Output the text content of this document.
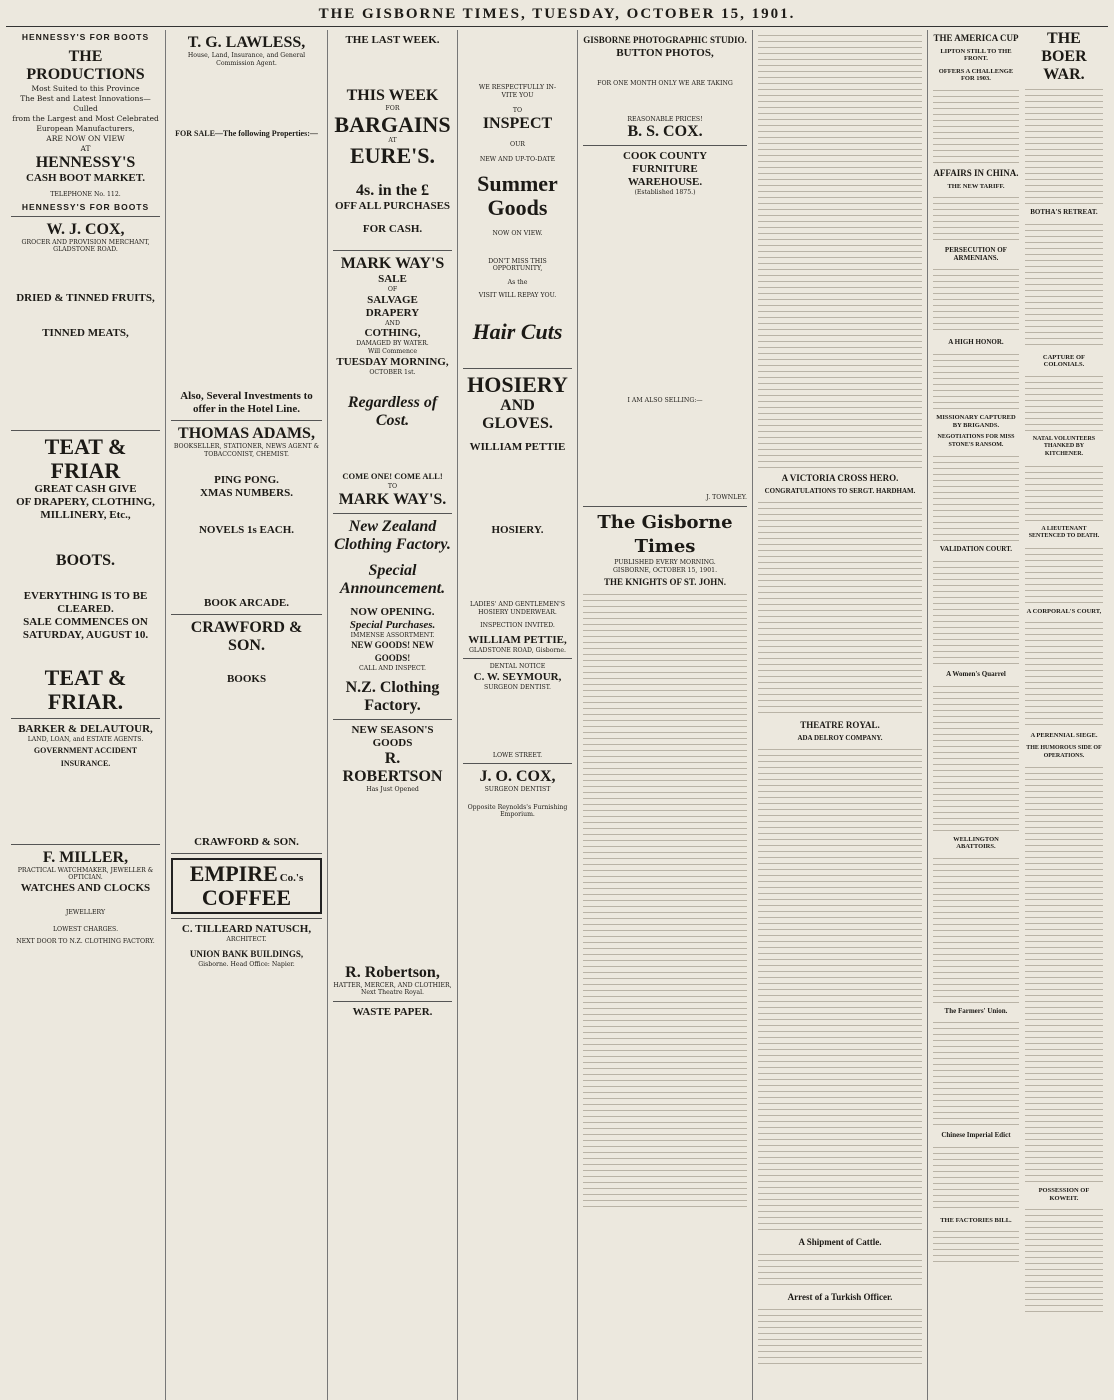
THE GISBORNE TIMES, TUESDAY, OCTOBER 15, 1901.
HENNESSY'S FOR BOOTS
THE PRODUCTIONS
Most Suited to this Province
The Best and Latest Innovations—Culled
from the Largest and Most Celebrated
European Manufacturers,
ARE NOW ON VIEW
AT
HENNESSY'S
CASH BOOT MARKET.
TELEPHONE No. 112.
HENNESSY'S FOR BOOTS
W. J. COX,
GROCER AND PROVISION MERCHANT, GLADSTONE ROAD.
DRIED & TINNED FRUITS,
TINNED MEATS,
TEAT & FRIAR
GREAT CASH GIVE
OF DRAPERY, CLOTHING, MILLINERY, Etc.,
BOOTS.
EVERYTHING IS TO BE CLEARED.
SALE COMMENCES ON SATURDAY, AUGUST 10.
TEAT & FRIAR.
BARKER & DELAUTOUR,
LAND, LOAN, and ESTATE AGENTS.
GOVERNMENT ACCIDENT INSURANCE.
F. MILLER,
PRACTICAL WATCHMAKER, JEWELLER & OPTICIAN.
WATCHES AND CLOCKS
JEWELLERY
LOWEST CHARGES.
NEXT DOOR TO N.Z. CLOTHING FACTORY.
T. G. LAWLESS,
House, Land, Insurance, and General Commission Agent.
FOR SALE—The following Properties:—
Also, Several Investments to offer in the Hotel Line.
THOMAS ADAMS,
BOOKSELLER, STATIONER, NEWS AGENT & TOBACCONIST, CHEMIST.
PING PONG.
XMAS NUMBERS.
NOVELS 1s EACH.
BOOK ARCADE.
CRAWFORD & SON.
BOOKS
CRAWFORD & SON.
EMPIRE Co.'s
COFFEE
C. TILLEARD NATUSCH,
ARCHITECT.
UNION BANK BUILDINGS,
Gisborne. Head Office: Napier.
THE LAST WEEK.
THIS WEEK
FOR
BARGAINS
AT
EURE'S.
4s. in the £
OFF ALL PURCHASES
FOR CASH.
MARK WAY'S
SALE
OF
SALVAGE
DRAPERY
AND
COTHING,
DAMAGED BY WATER.
Will Commence
TUESDAY MORNING,
OCTOBER 1st.
Regardless of Cost.
COME ONE! COME ALL!
TO
MARK WAY'S.
New Zealand Clothing Factory.
Special Announcement.
NOW OPENING.
Special Purchases.
IMMENSE ASSORTMENT.
NEW GOODS! NEW GOODS!
CALL AND INSPECT.
N.Z. Clothing Factory.
NEW SEASON'S GOODS
R. ROBERTSON
Has Just Opened
R. Robertson,
HATTER, MERCER, AND CLOTHIER, Next Theatre Royal.
WASTE PAPER.
WE RESPECTFULLY IN-
VITE YOU
TO
INSPECT
OUR
NEW AND UP-TO-DATE
Summer Goods
NOW ON VIEW.
DON'T MISS THIS OPPORTUNITY,
As the
VISIT WILL REPAY YOU.
Hair Cuts
HOSIERY
AND GLOVES.
WILLIAM PETTIE
HOSIERY.
LADIES' AND GENTLEMEN'S HOSIERY UNDERWEAR.
INSPECTION INVITED.
WILLIAM PETTIE,
GLADSTONE ROAD, Gisborne.
DENTAL NOTICE
C. W. SEYMOUR,
SURGEON DENTIST.
LOWE STREET.
J. O. COX,
SURGEON DENTIST
Opposite Reynolds's Furnishing Emporium.
GISBORNE PHOTOGRAPHIC STUDIO.
BUTTON PHOTOS,
FOR ONE MONTH ONLY WE ARE TAKING
REASONABLE PRICES!
B. S. COX.
COOK COUNTY
FURNITURE
WAREHOUSE.
(Established 1875.)
I AM ALSO SELLING:—
J. TOWNLEY.
The Gisborne Times
PUBLISHED EVERY MORNING.
GISBORNE, OCTOBER 15, 1901.
THE KNIGHTS OF ST. JOHN.
A VICTORIA CROSS HERO.
CONGRATULATIONS TO SERGT. HARDHAM.
THEATRE ROYAL.
ADA DELROY COMPANY.
A Shipment of Cattle.
Arrest of a Turkish Officer.
THE AMERICA CUP
LIPTON STILL TO THE FRONT.
OFFERS A CHALLENGE FOR 1903.
AFFAIRS IN CHINA.
THE NEW TARIFF.
PERSECUTION OF ARMENIANS.
A HIGH HONOR.
MISSIONARY CAPTURED BY BRIGANDS.
NEGOTIATIONS FOR MISS STONE'S RANSOM.
VALIDATION COURT.
A Women's Quarrel
WELLINGTON ABATTOIRS.
The Farmers' Union.
Chinese Imperial Edict
THE FACTORIES BILL.
THE BOER WAR.
BOTHA'S RETREAT.
CAPTURE OF COLONIALS.
NATAL VOLUNTEERS THANKED BY KITCHENER.
A LIEUTENANT SENTENCED TO DEATH.
A CORPORAL'S COURT,
A PERENNIAL SIEGE.
THE HUMOROUS SIDE OF OPERATIONS.
POSSESSION OF KOWEIT.
